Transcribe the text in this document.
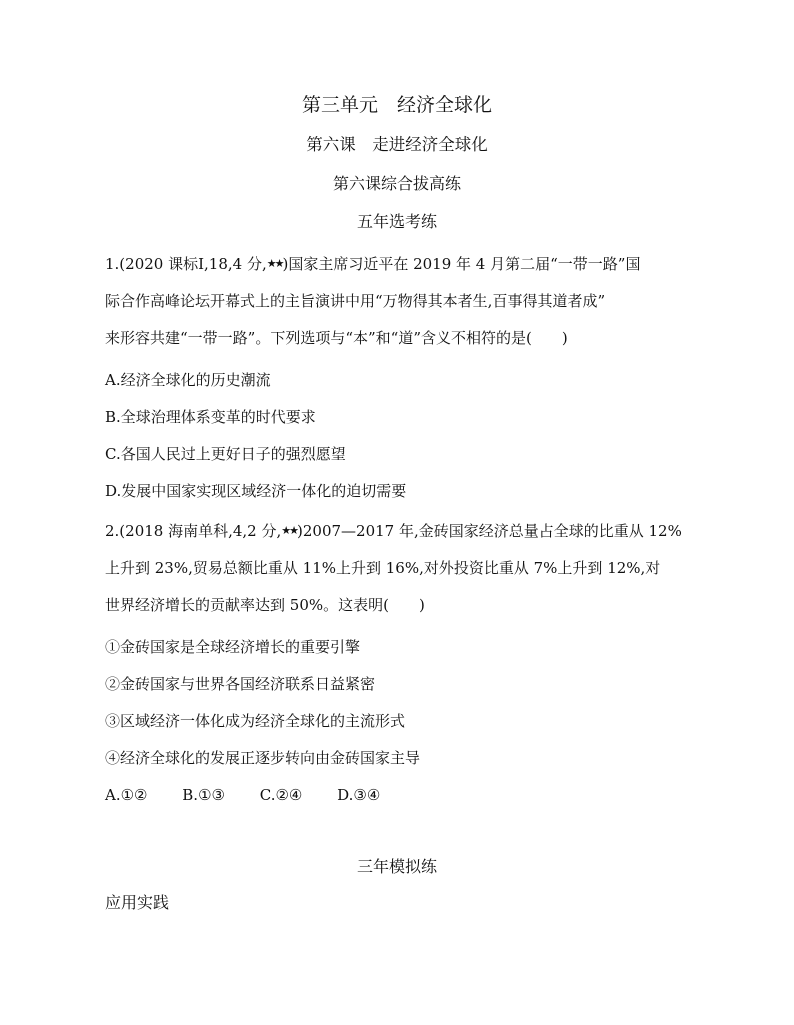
第三单元　经济全球化
第六课　走进经济全球化
第六课综合拔高练
五年选考练
1.(2020 课标Ⅰ,18,4 分,★★)国家主席习近平在 2019 年 4 月第二届“一带一路”国
际合作高峰论坛开幕式上的主旨演讲中用“万物得其本者生,百事得其道者成”
来形容共建“一带一路”。下列选项与“本”和“道”含义不相符的是(　　)
A.经济全球化的历史潮流
B.全球治理体系变革的时代要求
C.各国人民过上更好日子的强烈愿望
D.发展中国家实现区域经济一体化的迫切需要
2.(2018 海南单科,4,2 分,★★)2007—2017 年,金砖国家经济总量占全球的比重从 12%
上升到 23%,贸易总额比重从 11%上升到 16%,对外投资比重从 7%上升到 12%,对
世界经济增长的贡献率达到 50%。这表明(　　)
①金砖国家是全球经济增长的重要引擎
②金砖国家与世界各国经济联系日益紧密
③区域经济一体化成为经济全球化的主流形式
④经济全球化的发展正逐步转向由金砖国家主导
A.①② B.①③ C.②④ D.③④
三年模拟练
应用实践
